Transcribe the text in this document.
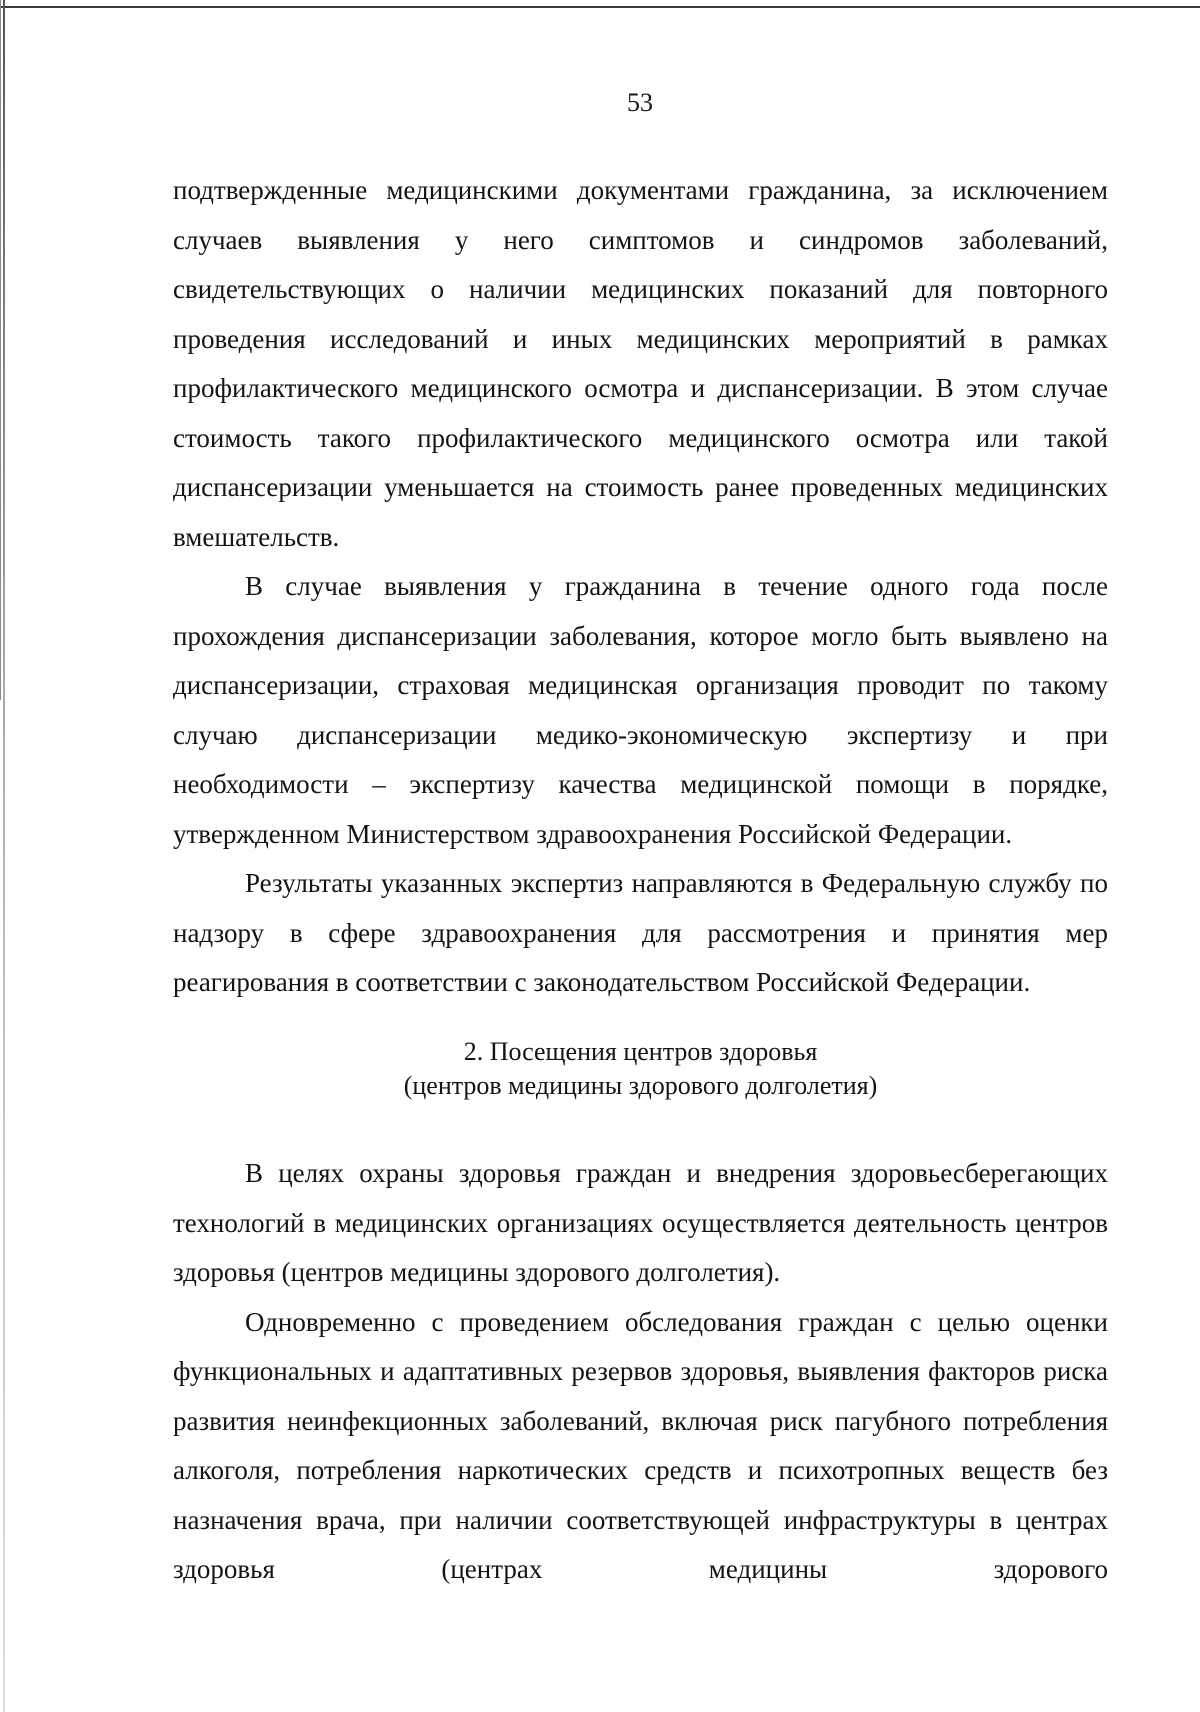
53

подтвержденные медицинскими документами гражданина, за исключением случаев выявления у него симптомов и синдромов заболеваний, свидетельствующих о наличии медицинских показаний для повторного проведения исследований и иных медицинских мероприятий в рамках профилактического медицинского осмотра и диспансеризации. В этом случае стоимость такого профилактического медицинского осмотра или такой диспансеризации уменьшается на стоимость ранее проведенных медицинских вмешательств.

В случае выявления у гражданина в течение одного года после прохождения диспансеризации заболевания, которое могло быть выявлено на диспансеризации, страховая медицинская организация проводит по такому случаю диспансеризации медико-экономическую экспертизу и при необходимости – экспертизу качества медицинской помощи в порядке, утвержденном Министерством здравоохранения Российской Федерации.

Результаты указанных экспертиз направляются в Федеральную службу по надзору в сфере здравоохранения для рассмотрения и принятия мер реагирования в соответствии с законодательством Российской Федерации.

2. Посещения центров здоровья
(центров медицины здорового долголетия)

В целях охраны здоровья граждан и внедрения здоровьесберегающих технологий в медицинских организациях осуществляется деятельность центров здоровья (центров медицины здорового долголетия).

Одновременно с проведением обследования граждан с целью оценки функциональных и адаптативных резервов здоровья, выявления факторов риска развития неинфекционных заболеваний, включая риск пагубного потребления алкоголя, потребления наркотических средств и психотропных веществ без назначения врача, при наличии соответствующей инфраструктуры в центрах здоровья (центрах медицины здорового
